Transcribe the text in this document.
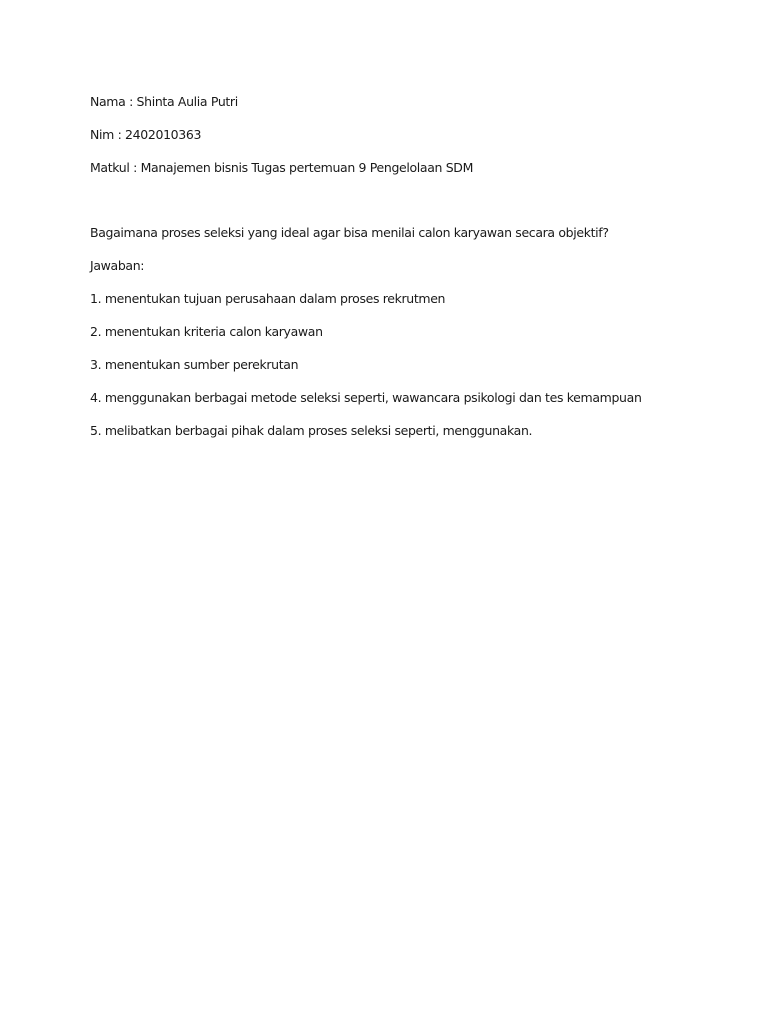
Nama : Shinta Aulia Putri

Nim : 2402010363

Matkul : Manajemen bisnis Tugas pertemuan 9 Pengelolaan SDM

Bagaimana proses seleksi yang ideal agar bisa menilai calon karyawan secara objektif?

Jawaban:

1. menentukan tujuan perusahaan dalam proses rekrutmen

2. menentukan kriteria calon karyawan

3. menentukan sumber perekrutan

4. menggunakan berbagai metode seleksi seperti, wawancara psikologi dan tes kemampuan

5. melibatkan berbagai pihak dalam proses seleksi seperti, menggunakan.
